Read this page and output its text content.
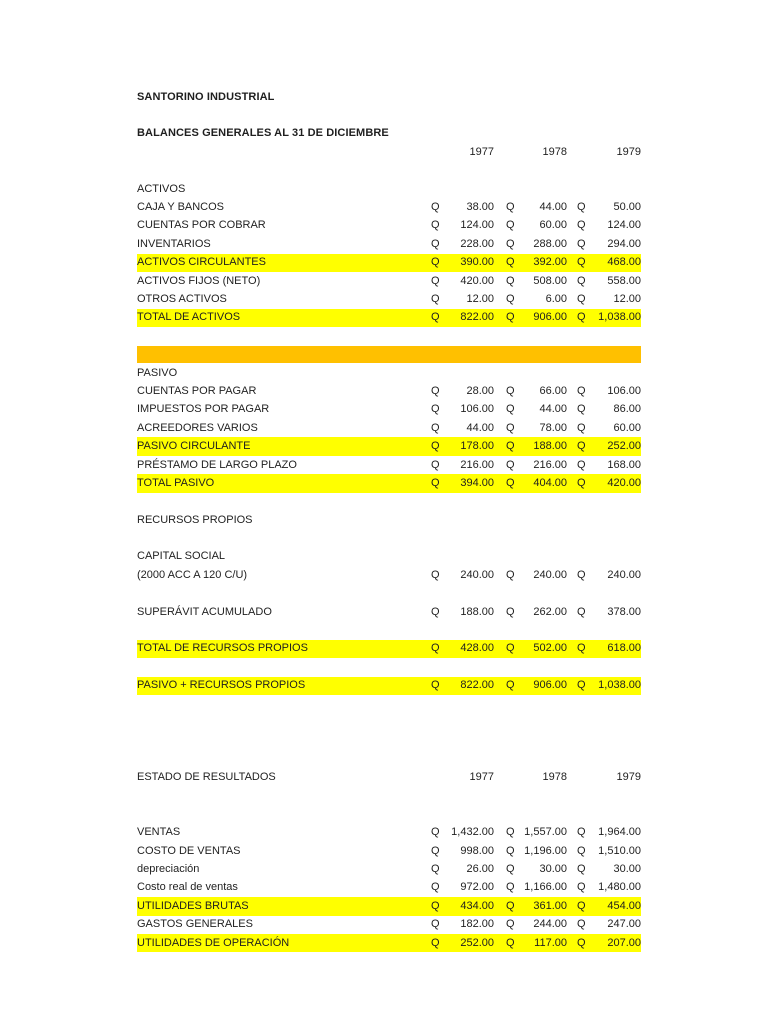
SANTORINO INDUSTRIAL
BALANCES GENERALES AL 31 DE DICIEMBRE
1977	1978	1979
ACTIVOS
CAJA Y BANCOS	Q	38.00 Q	44.00 Q	50.00
CUENTAS POR COBRAR	Q	124.00 Q	60.00 Q	124.00
INVENTARIOS	Q	228.00 Q	288.00 Q	294.00
ACTIVOS CIRCULANTES	Q	390.00 Q	392.00 Q	468.00
ACTIVOS FIJOS (NETO)	Q	420.00 Q	508.00 Q	558.00
OTROS ACTIVOS	Q	12.00 Q	6.00 Q	12.00
TOTAL DE ACTIVOS	Q	822.00 Q	906.00 Q	1,038.00
PASIVO
CUENTAS POR PAGAR	Q	28.00 Q	66.00 Q	106.00
IMPUESTOS POR PAGAR	Q	106.00 Q	44.00 Q	86.00
ACREEDORES VARIOS	Q	44.00 Q	78.00 Q	60.00
PASIVO CIRCULANTE	Q	178.00 Q	188.00 Q	252.00
PRÉSTAMO DE LARGO PLAZO	Q	216.00 Q	216.00 Q	168.00
TOTAL PASIVO	Q	394.00 Q	404.00 Q	420.00
RECURSOS PROPIOS
CAPITAL SOCIAL
(2000 ACC A 120 C/U)	Q	240.00 Q	240.00 Q	240.00
SUPERÁVIT ACUMULADO	Q	188.00 Q	262.00 Q	378.00
TOTAL DE RECURSOS PROPIOS	Q	428.00 Q	502.00 Q	618.00
PASIVO + RECURSOS PROPIOS	Q	822.00 Q	906.00 Q	1,038.00
ESTADO DE RESULTADOS	1977	1978	1979
VENTAS	Q	1,432.00 Q 1,557.00 Q	1,964.00
COSTO DE VENTAS	Q	998.00 Q 1,196.00 Q	1,510.00
depreciación	Q	26.00 Q	30.00 Q	30.00
Costo real de ventas	Q	972.00 Q 1,166.00 Q	1,480.00
UTILIDADES BRUTAS	Q	434.00 Q	361.00 Q	454.00
GASTOS GENERALES	Q	182.00 Q	244.00 Q	247.00
UTILIDADES DE OPERACIÓN	Q	252.00 Q	117.00 Q	207.00
